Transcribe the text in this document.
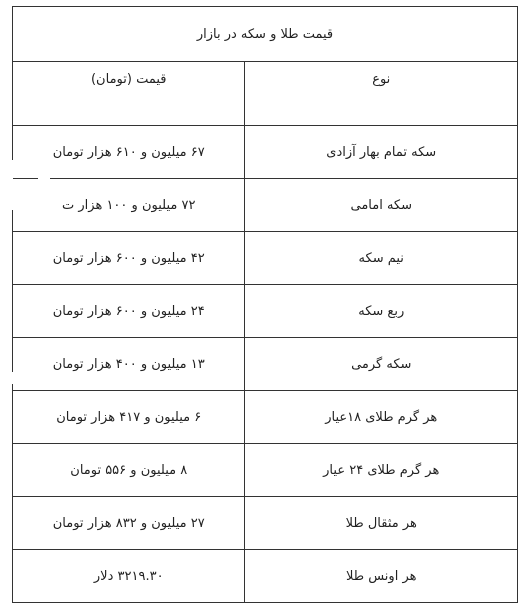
قیمت طلا و سکه در بازار	
نوع	قیمت (تومان)
سکه تمام بهار آزادی	۶۷ میلیون و ۶۱۰ هزار تومان
سکه امامی	۷۲ میلیون و ۱۰۰ هزار ت
نیم سکه	۴۲ میلیون و ۶۰۰ هزار تومان
ربع سکه	۲۴ میلیون و ۶۰۰ هزار تومان
سکه گرمی	۱۳ میلیون و ۴۰۰ هزار تومان
هر گرم طلای ۱۸عیار	۶ میلیون و ۴۱۷ هزار تومان
هر گرم طلای ۲۴ عیار	۸ میلیون و ۵۵۶ تومان
هر مثقال طلا	۲۷ میلیون و ۸۳۲ هزار تومان
هر اونس طلا	۳۲۱۹.۳۰ دلار
